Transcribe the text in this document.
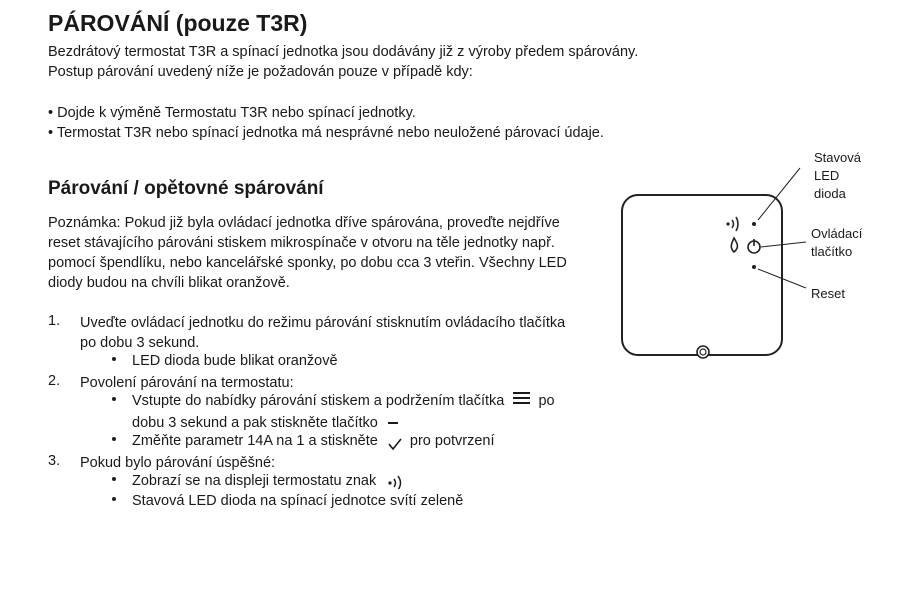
PÁROVÁNÍ (pouze T3R)
Bezdrátový termostat T3R a spínací jednotka jsou dodávány již z výroby předem spárovány.
Postup párování uvedený níže je požadován pouze v případě kdy:
• Dojde k výměně Termostatu T3R nebo spínací jednotky.
• Termostat T3R nebo spínací jednotka má nesprávné nebo neuložené párovací údaje.
Párování / opětovné spárování
Poznámka: Pokud již byla ovládací jednotka dříve spárována, proveďte nejdříve
reset stávajícího párováni stiskem mikrospínače v otvoru na těle jednotky např.
pomocí špendlíku, nebo kancelářské sponky, po dobu cca 3 vteřin. Všechny LED
diody budou na chvíli blikat oranžově.
1. Uveďte ovládací jednotku do režimu párování stisknutím ovládacího tlačítka
po dobu 3 sekund.
LED dioda bude blikat oranžově
2. Povolení párování na termostatu:
Vstupte do nabídky párování stiskem a podržením tlačítka po
dobu 3 sekund a pak stiskněte tlačítko
Změňte parametr 14A na 1 a stiskněte pro potvrzení
3. Pokud bylo párování úspěšné:
Zobrazí se na displeji termostatu znak
Stavová LED dioda na spínací jednotce svítí zeleně
Stavová
LED
dioda
Ovládací
tlačítko
Reset
